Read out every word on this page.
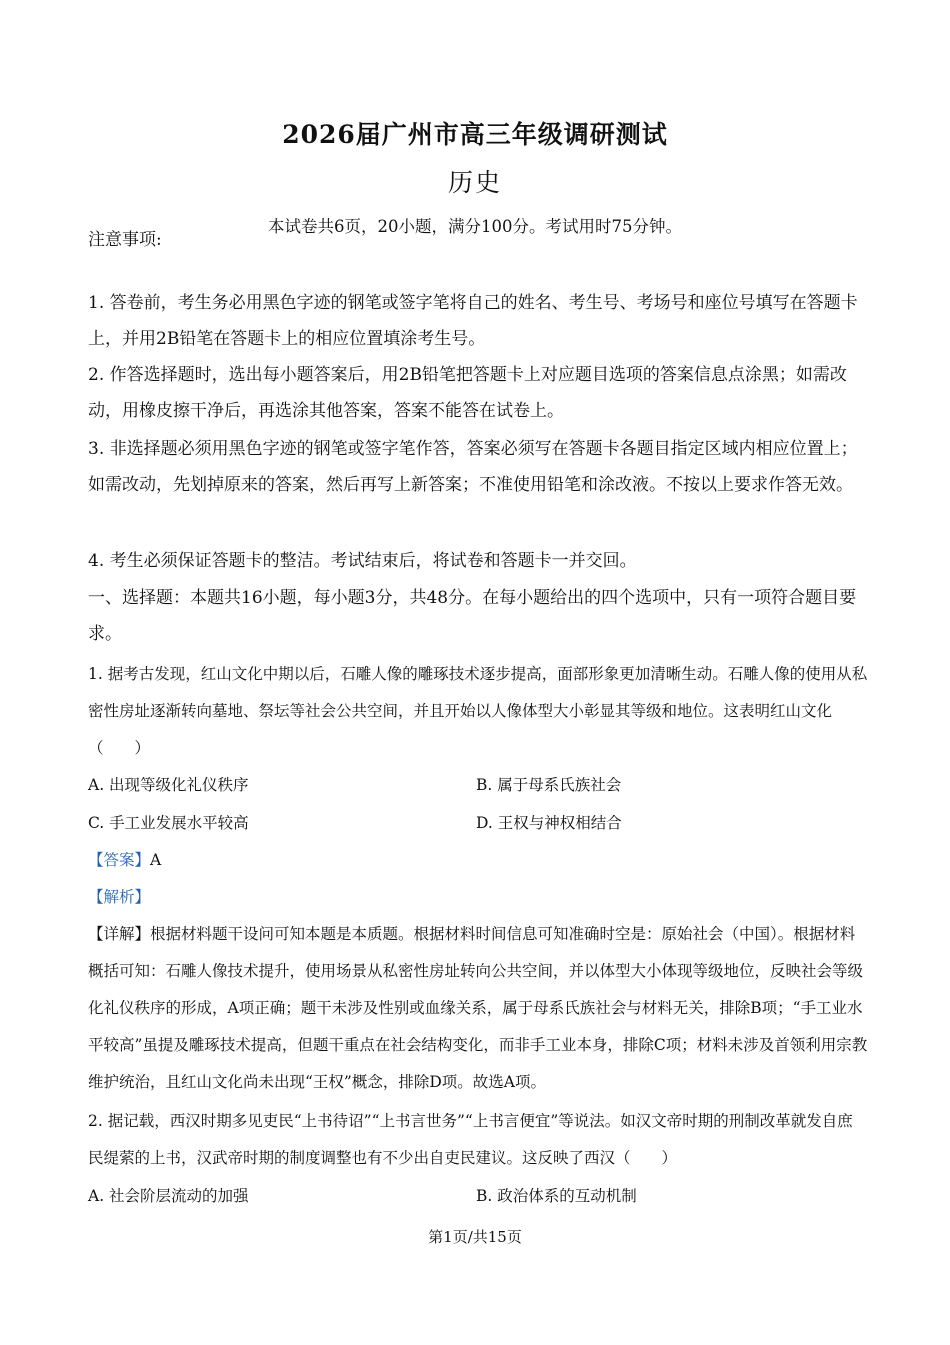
2026届广州市高三年级调研测试
历史
本试卷共6页，20小题，满分100分。考试用时75分钟。
注意事项:
1. 答卷前，考生务必用黑色字迹的钢笔或签字笔将自己的姓名、考生号、考场号和座位号填写在答题卡上，并用2B铅笔在答题卡上的相应位置填涂考生号。
2. 作答选择题时，选出每小题答案后，用2B铅笔把答题卡上对应题目选项的答案信息点涂黑；如需改动，用橡皮擦干净后，再选涂其他答案，答案不能答在试卷上。
3. 非选择题必须用黑色字迹的钢笔或签字笔作答，答案必须写在答题卡各题目指定区域内相应位置上；如需改动，先划掉原来的答案，然后再写上新答案；不准使用铅笔和涂改液。不按以上要求作答无效。
4. 考生必须保证答题卡的整洁。考试结束后，将试卷和答题卡一并交回。
一、选择题：本题共16小题，每小题3分，共48分。在每小题给出的四个选项中，只有一项符合题目要求。
1. 据考古发现，红山文化中期以后，石雕人像的雕琢技术逐步提高，面部形象更加清晰生动。石雕人像的使用从私密性房址逐渐转向墓地、祭坛等社会公共空间，并且开始以人像体型大小彰显其等级和地位。这表明红山文化（　　）
A. 出现等级化礼仪秩序	B. 属于母系氏族社会
C. 手工业发展水平较高	D. 王权与神权相结合
【答案】A
【解析】
【详解】根据材料题干设问可知本题是本质题。根据材料时间信息可知准确时空是：原始社会（中国）。根据材料概括可知：石雕人像技术提升，使用场景从私密性房址转向公共空间，并以体型大小体现等级地位，反映社会等级化礼仪秩序的形成，A项正确；题干未涉及性别或血缘关系，属于母系氏族社会与材料无关，排除B项；“手工业水平较高”虽提及雕琢技术提高，但题干重点在社会结构变化，而非手工业本身，排除C项；材料未涉及首领利用宗教维护统治，且红山文化尚未出现“王权”概念，排除D项。故选A项。
2. 据记载，西汉时期多见吏民“上书待诏”“上书言世务”“上书言便宜”等说法。如汉文帝时期的刑制改革就发自庶民缇萦的上书，汉武帝时期的制度调整也有不少出自吏民建议。这反映了西汉（　　）
A. 社会阶层流动的加强	B. 政治体系的互动机制
第1页/共15页
